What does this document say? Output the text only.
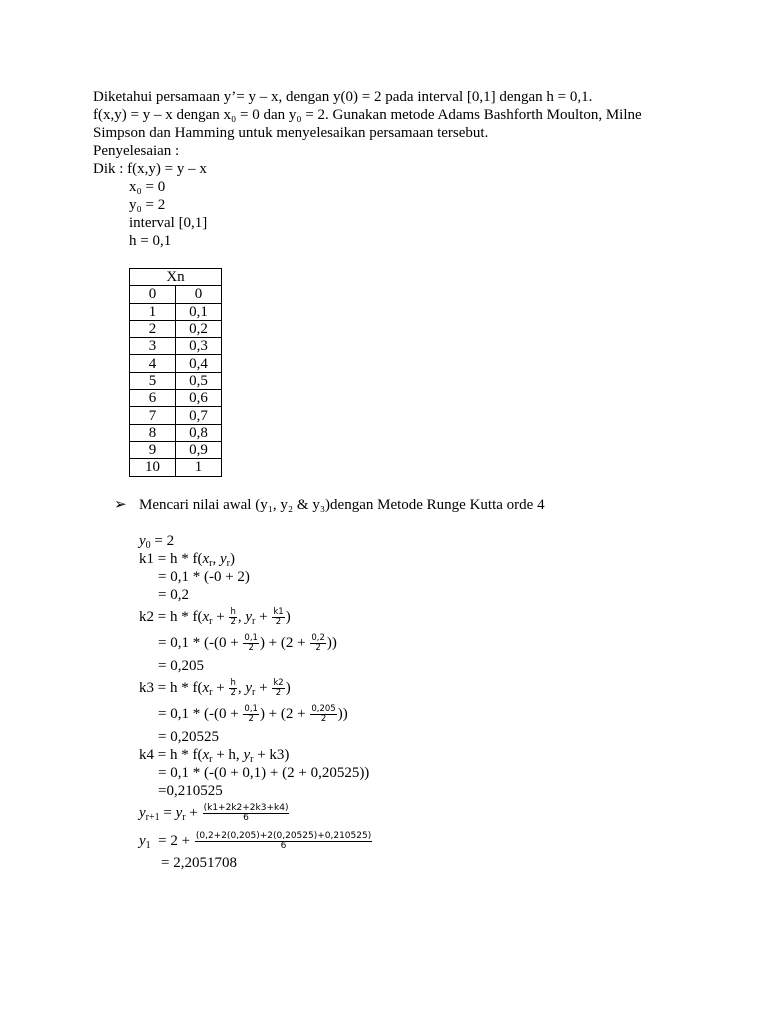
Diketahui persamaan y’= y – x, dengan y(0) = 2 pada interval [0,1] dengan h = 0,1.
f(x,y) = y – x dengan x₀ = 0 dan y₀ = 2. Gunakan metode Adams Bashforth Moulton, Milne
Simpson dan Hamming untuk menyelesaikan persamaan tersebut.
Penyelesaian :
Dik : f(x,y) = y – x
x₀ = 0
y₀ = 2
interval [0,1]
h = 0,1
Xn	
0	0
1	0,1
2	0,2
3	0,3
4	0,4
5	0,5
6	0,6
7	0,7
8	0,8
9	0,9
10	1
➢ Mencari nilai awal (y₁, y₂ & y₃)dengan Metode Runge Kutta orde 4
$y_0 = 2$
$k1 = h * f(x_r$, $y_r$)
= 0,1 * (-0 + 2)
= 0,2
$k2 = h * f(x_r + \frac{h}{2}$ , $y_r + \frac{k1}{2}$ )
= $0,1 * (-(0 + \frac{0,1}{2}$ ) + ($2 + \frac{0,2}{2}$ ))
= 0,205
$k3 = h * f(x_r + \frac{h}{2}$ , $y_r + \frac{k2}{2}$ )
= $0,1 * (-(0 + \frac{0,1}{2}$ ) + ($2 + \frac{0,205}{2}$ ))
= 0,20525
$k4 = h * f(x_r + h$, $y_r + k3$)
= 0,1 * (-(0 + 0,1) + (2 + 0,20525))
=0,210525
$y_{r+1} = y_r + \frac{(k1+2k2+2k3+k4)}{6}$
$y_1 = 2 + \frac{(0,2+2(0,205)+2(0,20525)+0,210525)}{6}$
= 2,2051708
